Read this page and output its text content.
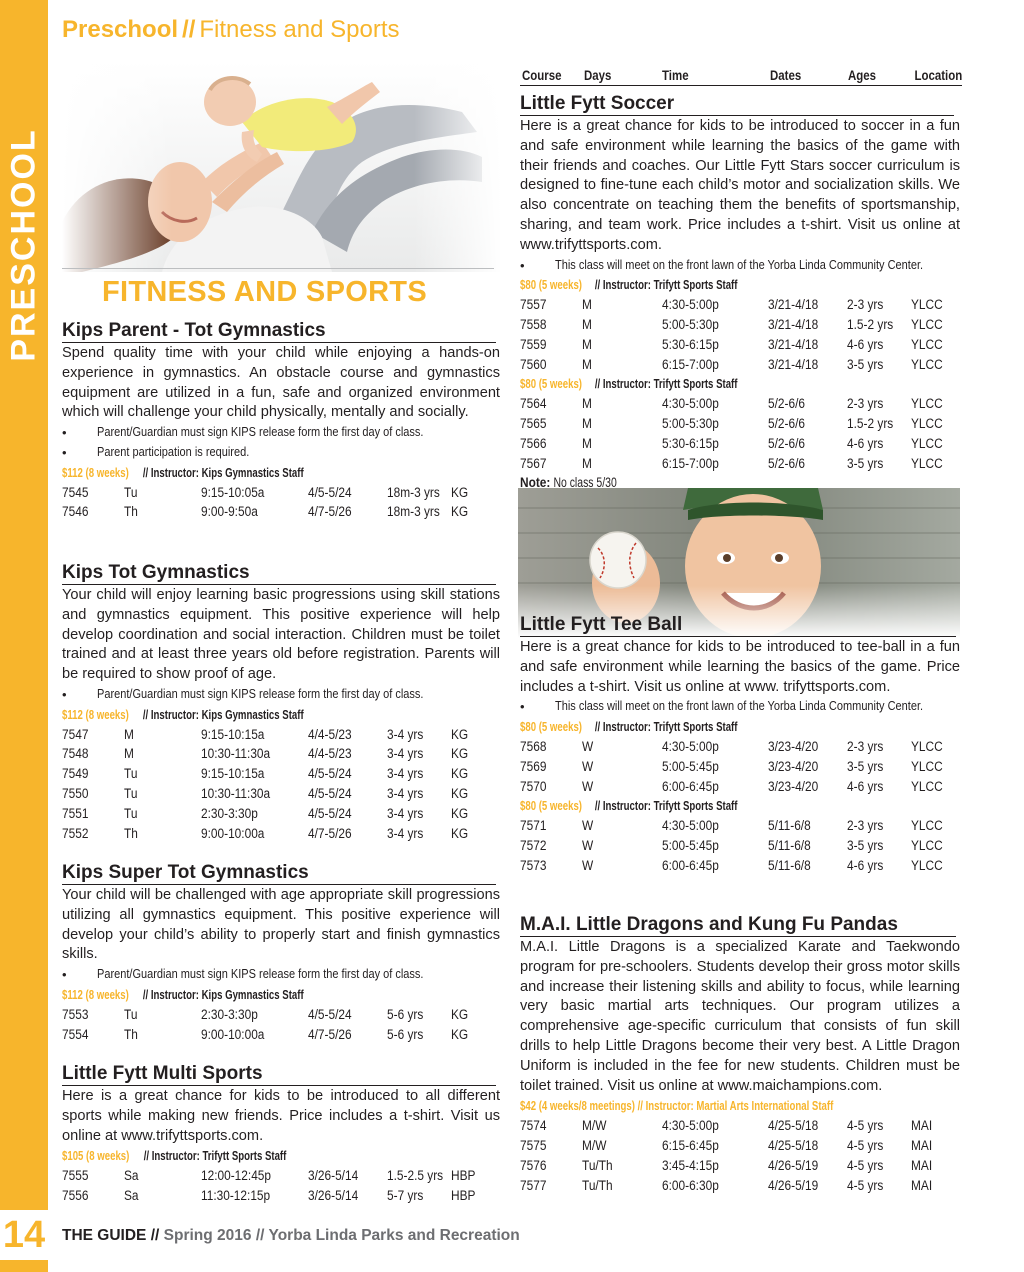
PRESCHOOL
14
Preschool // Fitness and Sports
Course Days	Time	Dates	Ages	Location
FITNESS AND SPORTS
Kips Parent - Tot Gymnastics
Spend quality time with your child while enjoying a hands-on experience in gymnastics. An obstacle course and gymnastics equipment are utilized in a fun, safe and organized environment which will challenge your child physically, mentally and socially.
• Parent/Guardian must sign KIPS release form the first day of class.
• Parent participation is required.
$112 (8 weeks) // Instructor: Kips Gymnastics Staff
7545	Tu	9:15-10:05a	4/5-5/24	18m-3 yrs KG
7546	Th	9:00-9:50a	4/7-5/26	18m-3 yrs KG
Kips Tot Gymnastics
Your child will enjoy learning basic progressions using skill stations and gymnastics equipment. This positive experience will help develop coordination and social interaction. Children must be toilet trained and at least three years old before registration. Parents will be required to show proof of age.
• Parent/Guardian must sign KIPS release form the first day of class.
$112 (8 weeks) // Instructor: Kips Gymnastics Staff
7547	M	9:15-10:15a	4/4-5/23	3-4 yrs KG
7548	M	10:30-11:30a	4/4-5/23	3-4 yrs KG
7549	Tu	9:15-10:15a	4/5-5/24	3-4 yrs KG
7550	Tu	10:30-11:30a	4/5-5/24	3-4 yrs KG
7551	Tu	2:30-3:30p	4/5-5/24	3-4 yrs KG
7552	Th	9:00-10:00a	4/7-5/26	3-4 yrs KG
Kips Super Tot Gymnastics
Your child will be challenged with age appropriate skill progressions utilizing all gymnastics equipment. This positive experience will develop your child’s ability to properly start and finish gymnastics skills.
• Parent/Guardian must sign KIPS release form the first day of class.
$112 (8 weeks) // Instructor: Kips Gymnastics Staff
7553	Tu	2:30-3:30p	4/5-5/24	5-6 yrs KG
7554	Th	9:00-10:00a	4/7-5/26	5-6 yrs KG
Little Fytt Multi Sports
Here is a great chance for kids to be introduced to all different sports while making new friends. Price includes a t-shirt. Visit us online at www.trifyttsports.com.
$105 (8 weeks) // Instructor: Trifytt Sports Staff
7555	Sa	12:00-12:45p	3/26-5/14 1.5-2.5 yrs HBP
7556	Sa	11:30-12:15p	3/26-5/14 5-7 yrs HBP
Little Fytt Soccer
Here is a great chance for kids to be introduced to soccer in a fun and safe environment while learning the basics of the game with their friends and coaches. Our Little Fytt Stars soccer curriculum is designed to fine-tune each child’s motor and socialization skills. We also concentrate on teaching them the benefits of sportsmanship, sharing, and team work. Price includes a t-shirt. Visit us online at www.trifyttsports.com.
• This class will meet on the front lawn of the Yorba Linda Community Center.
$80 (5 weeks) // Instructor: Trifytt Sports Staff
7557	M	4:30-5:00p	3/21-4/18 2-3 yrs YLCC
7558	M	5:00-5:30p	3/21-4/18 1.5-2 yrs YLCC
7559	M	5:30-6:15p	3/21-4/18 4-6 yrs YLCC
7560	M	6:15-7:00p	3/21-4/18 3-5 yrs YLCC
$80 (5 weeks) // Instructor: Trifytt Sports Staff
7564	M	4:30-5:00p	5/2-6/6	2-3 yrs YLCC
7565	M	5:00-5:30p	5/2-6/6	1.5-2 yrs YLCC
7566	M	5:30-6:15p	5/2-6/6	4-6 yrs YLCC
7567	M	6:15-7:00p	5/2-6/6	3-5 yrs YLCC
Note: No class 5/30
Little Fytt Tee Ball
Here is a great chance for kids to be introduced to tee-ball in a fun and safe environment while learning the basics of the game. Price includes a t-shirt. Visit us online at www. trifyttsports.com.
• This class will meet on the front lawn of the Yorba Linda Community Center.
$80 (5 weeks) // Instructor: Trifytt Sports Staff
7568	W	4:30-5:00p	3/23-4/20 2-3 yrs YLCC
7569	W	5:00-5:45p	3/23-4/20 3-5 yrs YLCC
7570	W	6:00-6:45p	3/23-4/20 4-6 yrs YLCC
$80 (5 weeks) // Instructor: Trifytt Sports Staff
7571	W	4:30-5:00p	5/11-6/8	2-3 yrs YLCC
7572	W	5:00-5:45p	5/11-6/8	3-5 yrs YLCC
7573	W	6:00-6:45p	5/11-6/8	4-6 yrs YLCC
M.A.I. Little Dragons and Kung Fu Pandas
M.A.I. Little Dragons is a specialized Karate and Taekwondo program for pre-schoolers. Students develop their gross motor skills and increase their listening skills and ability to focus, while learning very basic martial arts techniques. Our program utilizes a comprehensive age-specific curriculum that consists of fun skill drills to help Little Dragons become their very best. A Little Dragon Uniform is included in the fee for new students. Children must be toilet trained. Visit us online at www.maichampions.com.
$42 (4 weeks/8 meetings) // Instructor: Martial Arts International Staff
7574	M/W	4:30-5:00p	4/25-5/18 4-5 yrs MAI
7575	M/W	6:15-6:45p	4/25-5/18 4-5 yrs MAI
7576	Tu/Th	3:45-4:15p	4/26-5/19 4-5 yrs MAI
7577	Tu/Th	6:00-6:30p	4/26-5/19 4-5 yrs MAI
THE GUIDE // Spring 2016 // Yorba Linda Parks and Recreation
